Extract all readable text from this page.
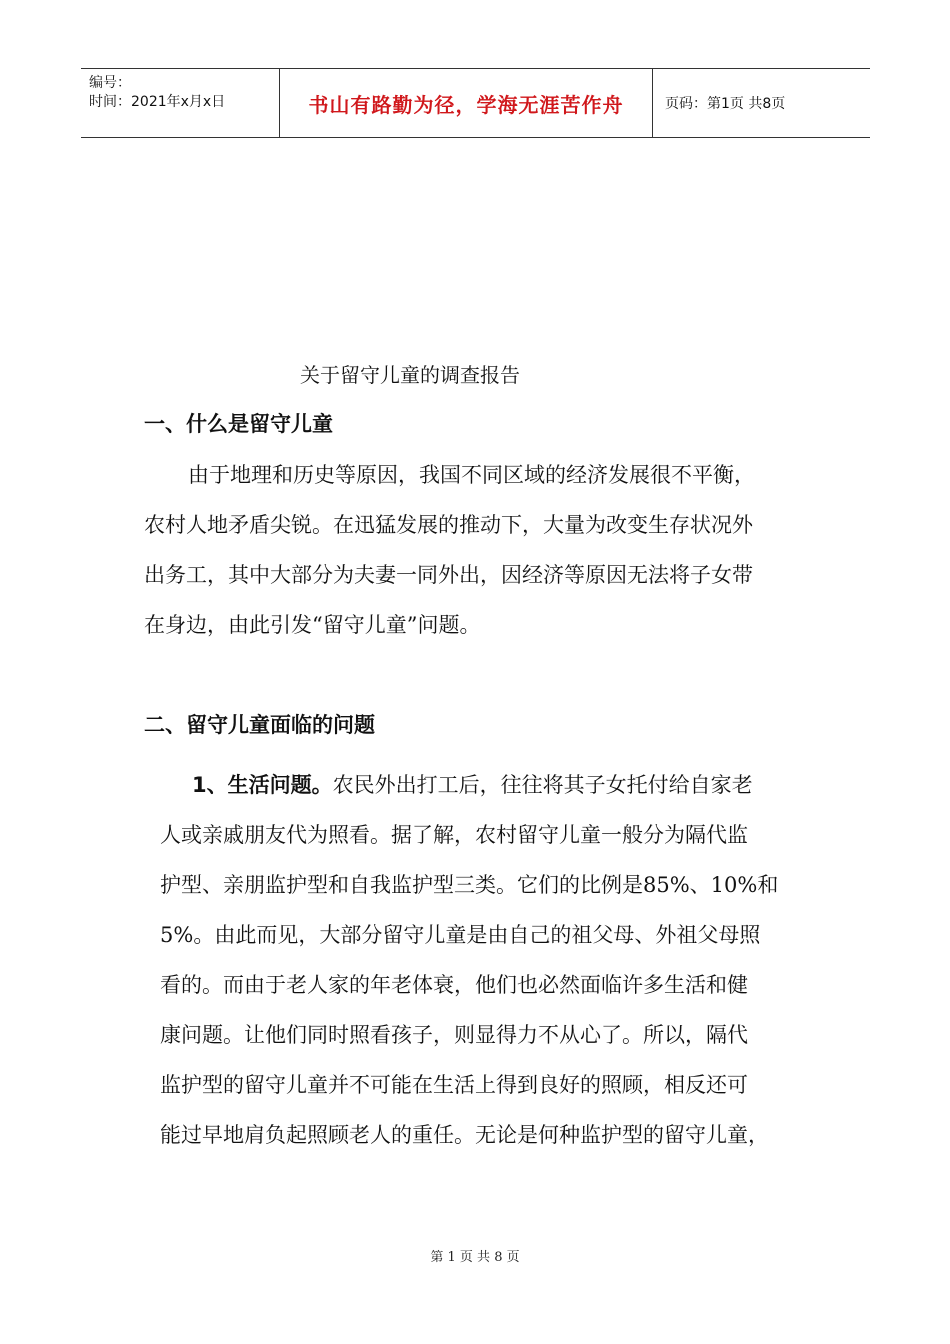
编号：
时间：2021年x月x日	书山有路勤为径，学海无涯苦作舟	页码：第1页 共8页
关于留守儿童的调查报告
一、什么是留守儿童
由于地理和历史等原因，我国不同区域的经济发展很不平衡，
农村人地矛盾尖锐。在迅猛发展的推动下，大量为改变生存状况外
出务工，其中大部分为夫妻一同外出，因经济等原因无法将子女带
在身边，由此引发“留守儿童”问题。
二、留守儿童面临的问题
1、生活问题。农民外出打工后，往往将其子女托付给自家老
人或亲戚朋友代为照看。据了解，农村留守儿童一般分为隔代监
护型、亲朋监护型和自我监护型三类。它们的比例是85%、10%和
5%。由此而见，大部分留守儿童是由自己的祖父母、外祖父母照
看的。而由于老人家的年老体衰，他们也必然面临许多生活和健
康问题。让他们同时照看孩子，则显得力不从心了。所以，隔代
监护型的留守儿童并不可能在生活上得到良好的照顾，相反还可
能过早地肩负起照顾老人的重任。无论是何种监护型的留守儿童，
第 1 页 共 8 页
